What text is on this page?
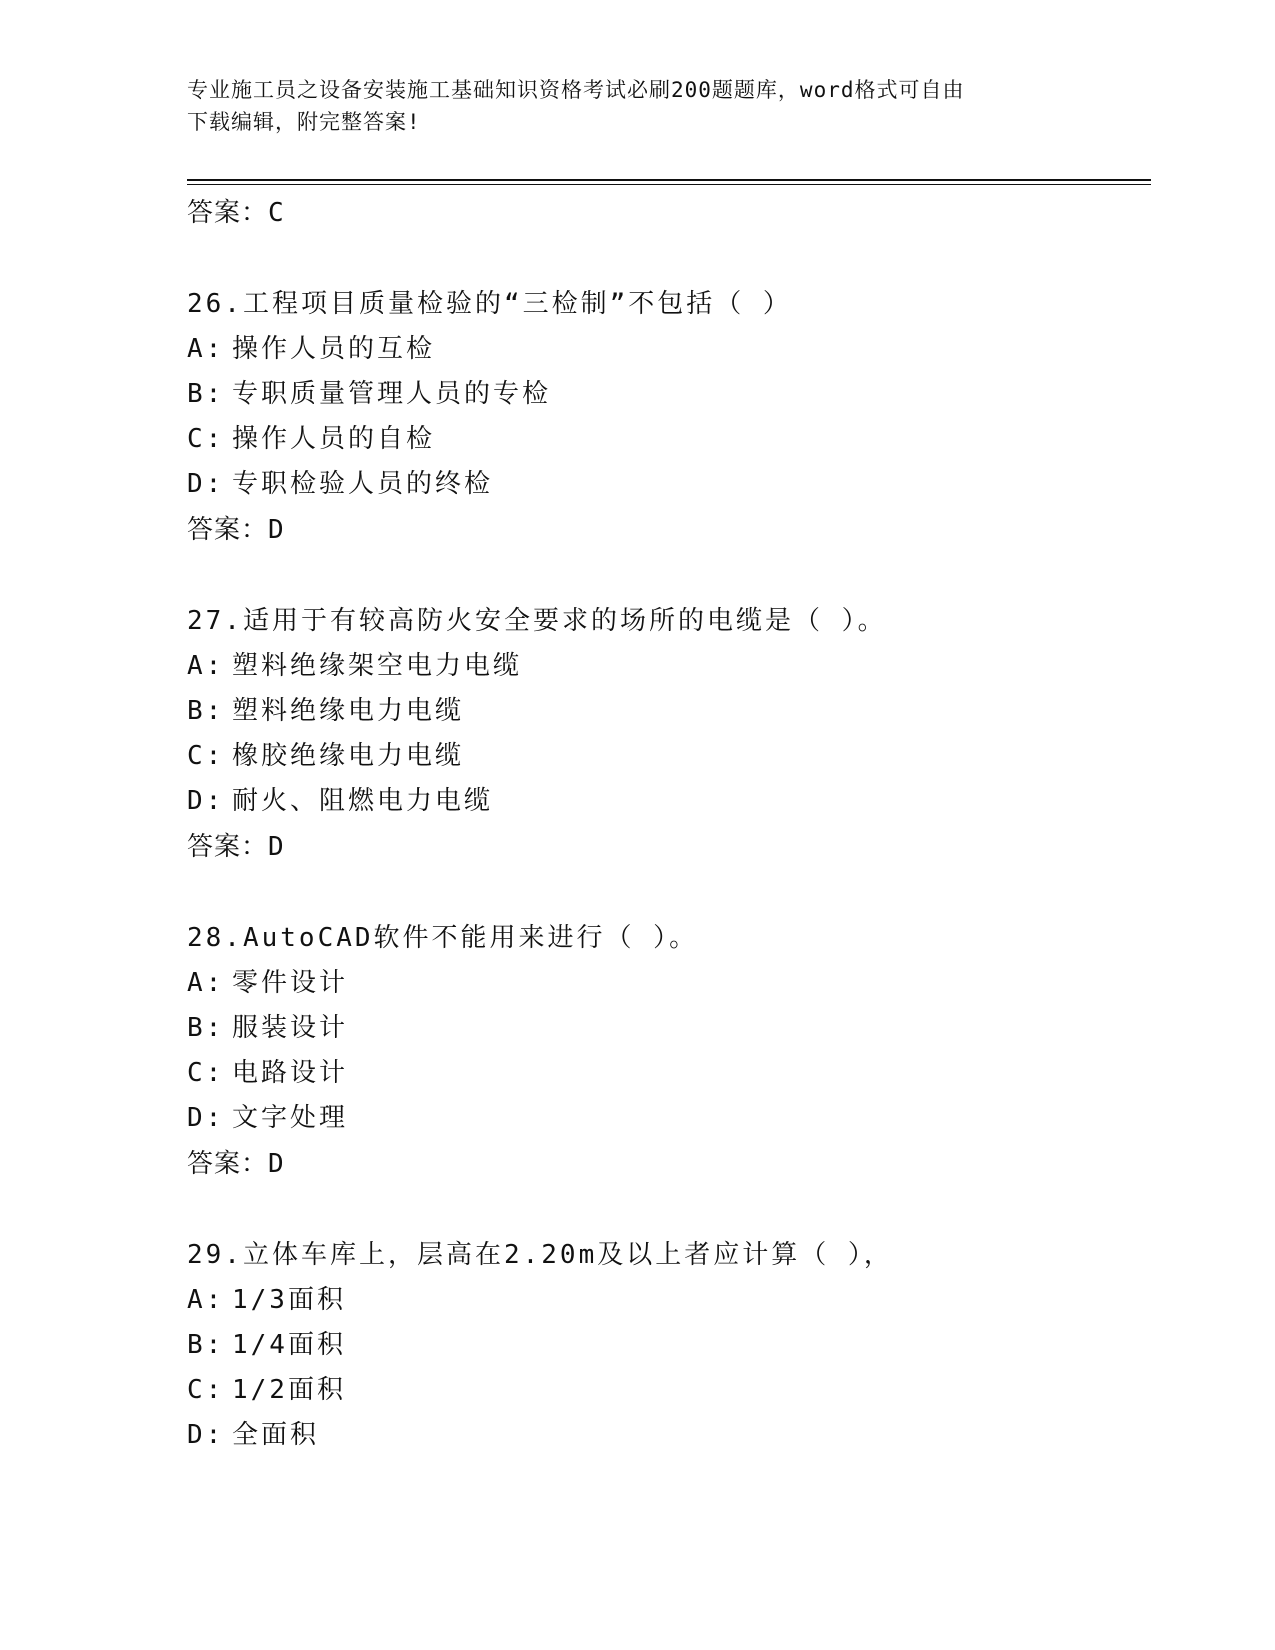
专业施工员之设备安装施工基础知识资格考试必刷200题题库，word格式可自由
下载编辑，附完整答案!
答案：C
26.工程项目质量检验的“三检制”不包括（ ）
A: 操作人员的互检
B: 专职质量管理人员的专检
C: 操作人员的自检
D: 专职检验人员的终检
答案：D
27.适用于有较高防火安全要求的场所的电缆是（ ）。
A: 塑料绝缘架空电力电缆
B: 塑料绝缘电力电缆
C: 橡胶绝缘电力电缆
D: 耐火、阻燃电力电缆
答案：D
28.AutoCAD软件不能用来进行（ ）。
A: 零件设计
B: 服装设计
C: 电路设计
D: 文字处理
答案：D
29.立体车库上，层高在2.20m及以上者应计算（ ），
A: 1/3面积
B: 1/4面积
C: 1/2面积
D: 全面积
